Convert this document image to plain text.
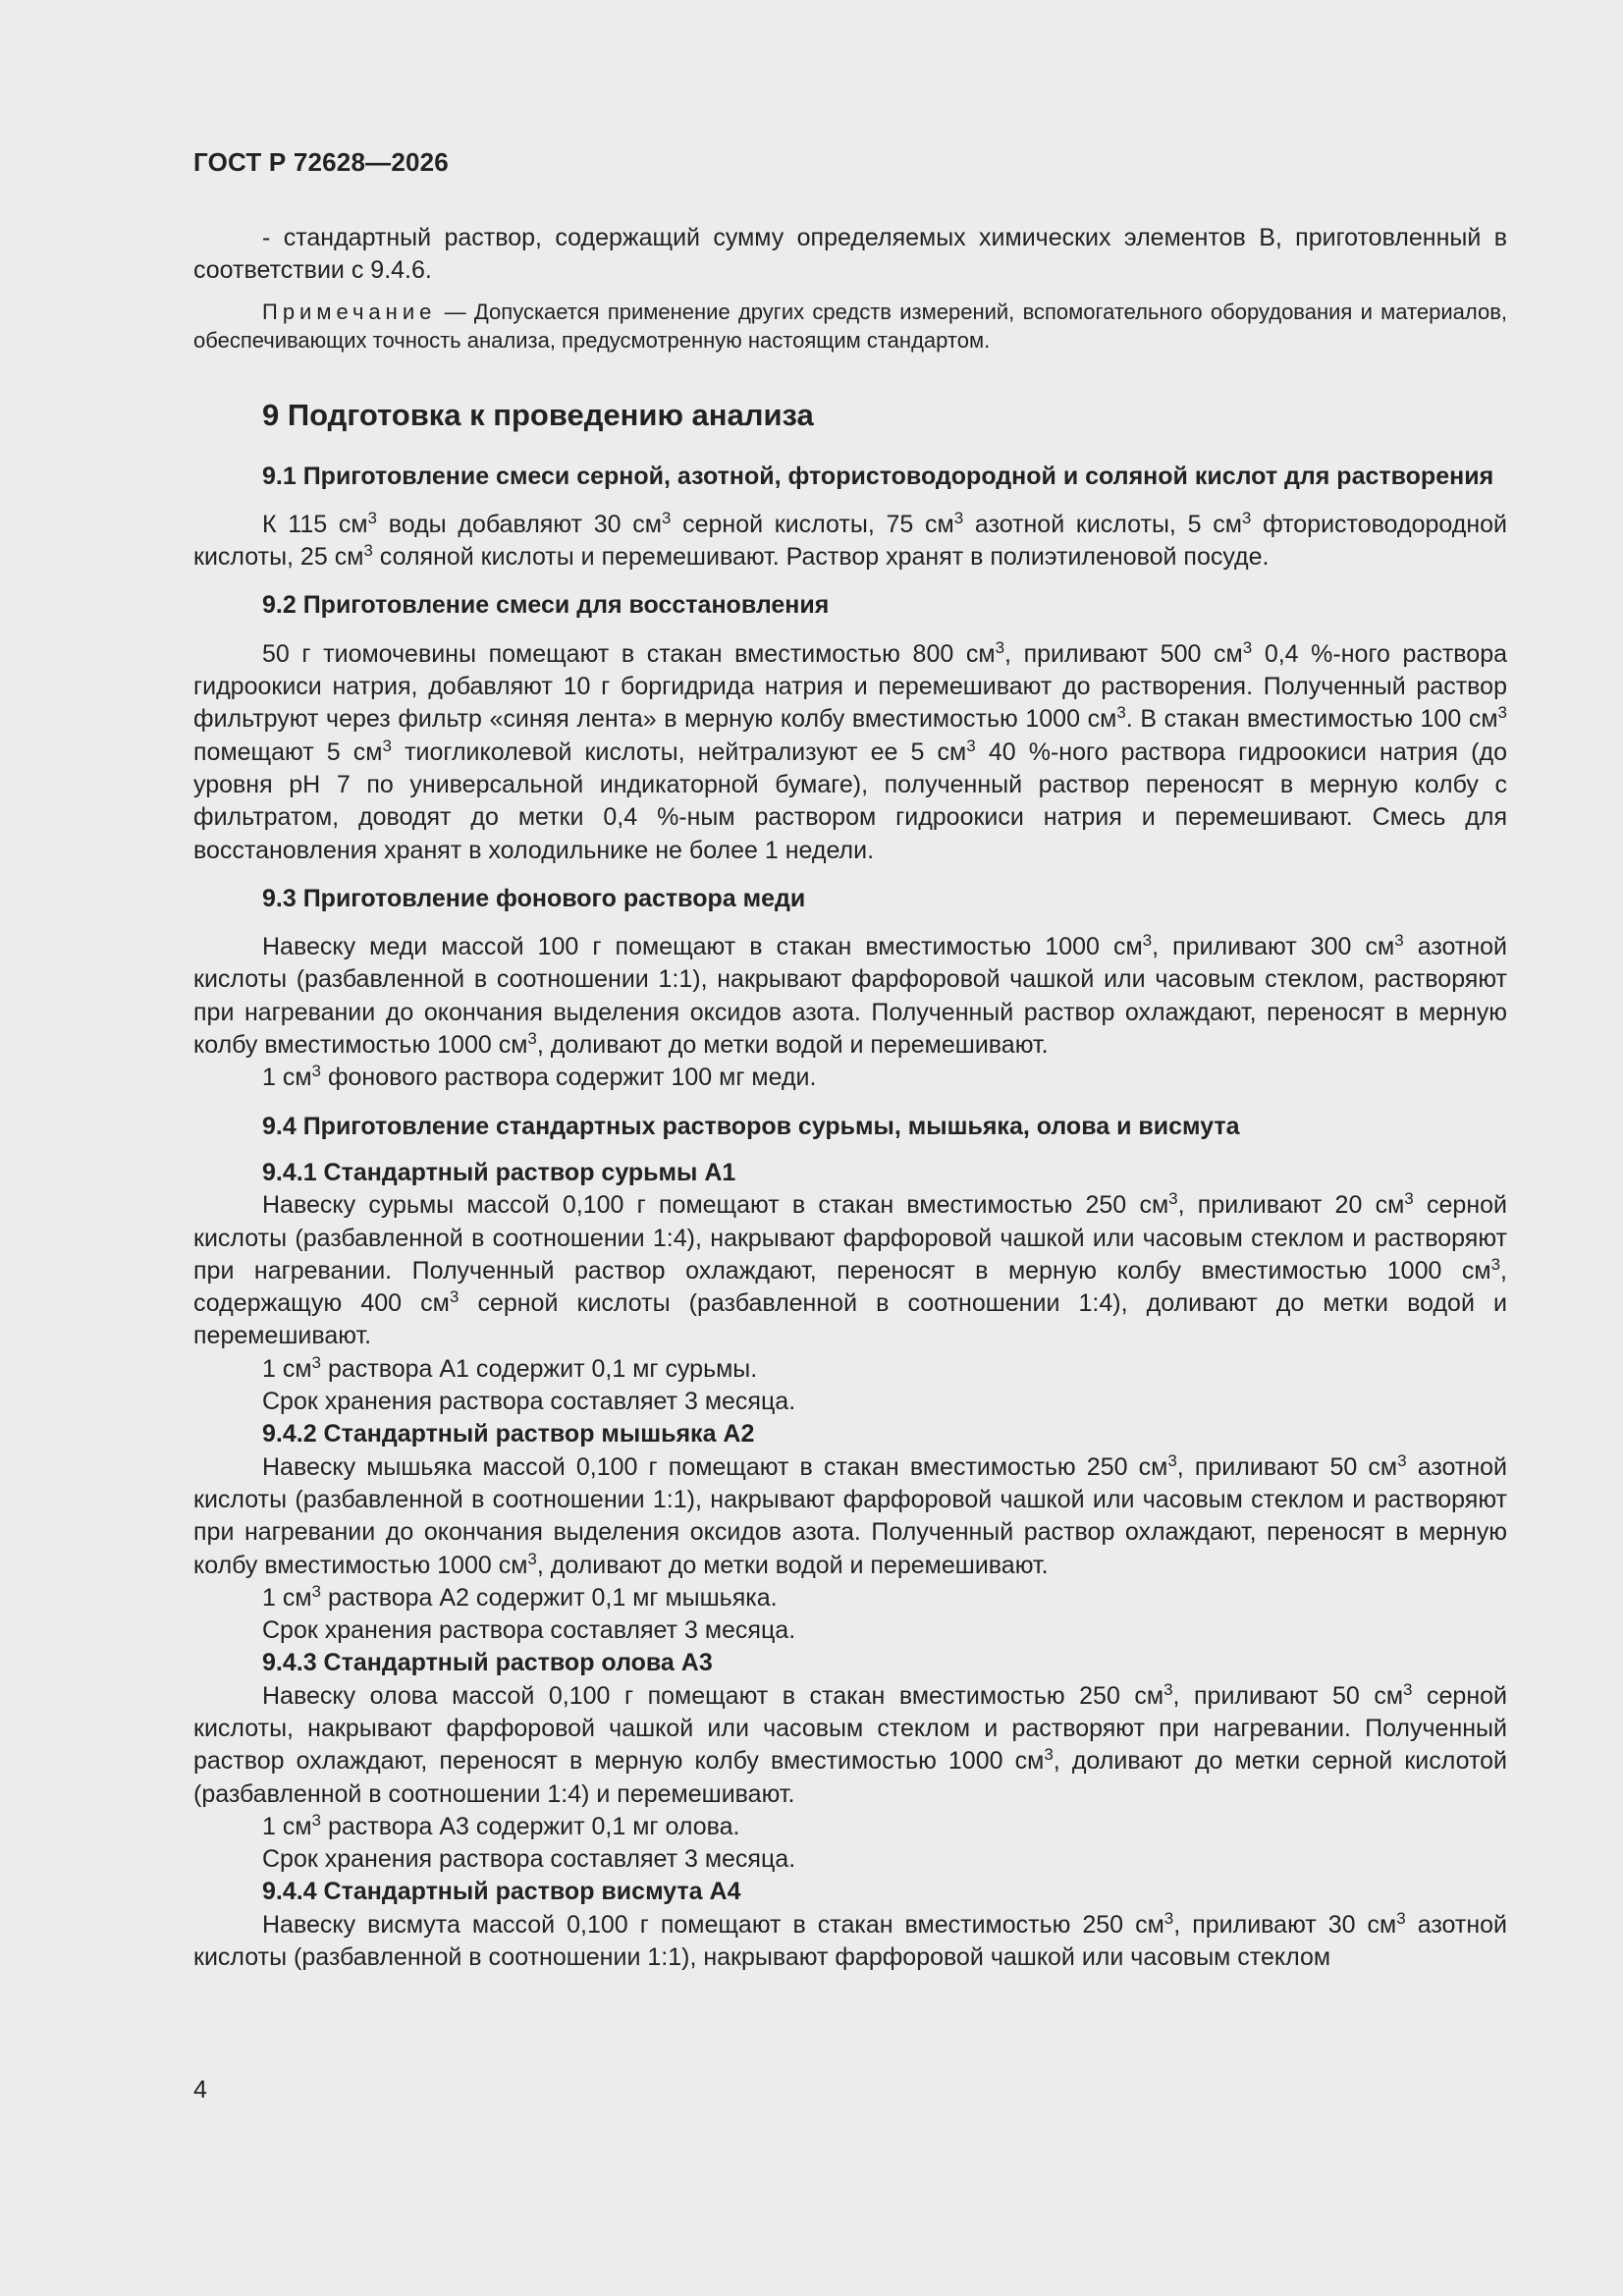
ГОСТ Р 72628—2026

- стандартный раствор, содержащий сумму определяемых химических элементов В, приготовленный в соответствии с 9.4.6.

Примечание — Допускается применение других средств измерений, вспомогательного оборудования и материалов, обеспечивающих точность анализа, предусмотренную настоящим стандартом.

9 Подготовка к проведению анализа

9.1 Приготовление смеси серной, азотной, фтористоводородной и соляной кислот для растворения

К 115 $см^3$ воды добавляют 30 $см^3$ серной кислоты, 75 $см^3$ азотной кислоты, 5 $см^3$ фтористоводородной кислоты, 25 $см^3$ соляной кислоты и перемешивают. Раствор хранят в полиэтиленовой посуде.

9.2 Приготовление смеси для восстановления

50 г тиомочевины помещают в стакан вместимостью 800 $см^3$, приливают 500 $см^3$ 0,4 %-ного раствора гидроокиси натрия, добавляют 10 г боргидрида натрия и перемешивают до растворения. Полученный раствор фильтруют через фильтр «синяя лента» в мерную колбу вместимостью 1000 $см^3$. В стакан вместимостью 100 $см^3$ помещают 5 $см^3$ тиогликолевой кислоты, нейтрализуют ее 5 $см^3$ 40 %-ного раствора гидроокиси натрия (до уровня рН 7 по универсальной индикаторной бумаге), полученный раствор переносят в мерную колбу с фильтратом, доводят до метки 0,4 %-ным раствором гидроокиси натрия и перемешивают. Смесь для восстановления хранят в холодильнике не более 1 недели.

9.3 Приготовление фонового раствора меди

Навеску меди массой 100 г помещают в стакан вместимостью 1000 $см^3$, приливают 300 $см^3$ азотной кислоты (разбавленной в соотношении 1:1), накрывают фарфоровой чашкой или часовым стеклом, растворяют при нагревании до окончания выделения оксидов азота. Полученный раствор охлаждают, переносят в мерную колбу вместимостью 1000 $см^3$, доливают до метки водой и перемешивают.

1 $см^3$ фонового раствора содержит 100 мг меди.

9.4 Приготовление стандартных растворов сурьмы, мышьяка, олова и висмута

9.4.1 Стандартный раствор сурьмы А1

Навеску сурьмы массой 0,100 г помещают в стакан вместимостью 250 $см^3$, приливают 20 $см^3$ серной кислоты (разбавленной в соотношении 1:4), накрывают фарфоровой чашкой или часовым стеклом и растворяют при нагревании. Полученный раствор охлаждают, переносят в мерную колбу вместимостью 1000 $см^3$, содержащую 400 $см^3$ серной кислоты (разбавленной в соотношении 1:4), доливают до метки водой и перемешивают.

1 $см^3$ раствора А1 содержит 0,1 мг сурьмы.

Срок хранения раствора составляет 3 месяца.

9.4.2 Стандартный раствор мышьяка А2

Навеску мышьяка массой 0,100 г помещают в стакан вместимостью 250 $см^3$, приливают 50 $см^3$ азотной кислоты (разбавленной в соотношении 1:1), накрывают фарфоровой чашкой или часовым стеклом и растворяют при нагревании до окончания выделения оксидов азота. Полученный раствор охлаждают, переносят в мерную колбу вместимостью 1000 $см^3$, доливают до метки водой и перемешивают.

1 $см^3$ раствора А2 содержит 0,1 мг мышьяка.

Срок хранения раствора составляет 3 месяца.

9.4.3 Стандартный раствор олова А3

Навеску олова массой 0,100 г помещают в стакан вместимостью 250 $см^3$, приливают 50 $см^3$ серной кислоты, накрывают фарфоровой чашкой или часовым стеклом и растворяют при нагревании. Полученный раствор охлаждают, переносят в мерную колбу вместимостью 1000 $см^3$, доливают до метки серной кислотой (разбавленной в соотношении 1:4) и перемешивают.

1 $см^3$ раствора А3 содержит 0,1 мг олова.

Срок хранения раствора составляет 3 месяца.

9.4.4 Стандартный раствор висмута А4

Навеску висмута массой 0,100 г помещают в стакан вместимостью 250 $см^3$, приливают 30 $см^3$ азотной кислоты (разбавленной в соотношении 1:1), накрывают фарфоровой чашкой или часовым стеклом

4
